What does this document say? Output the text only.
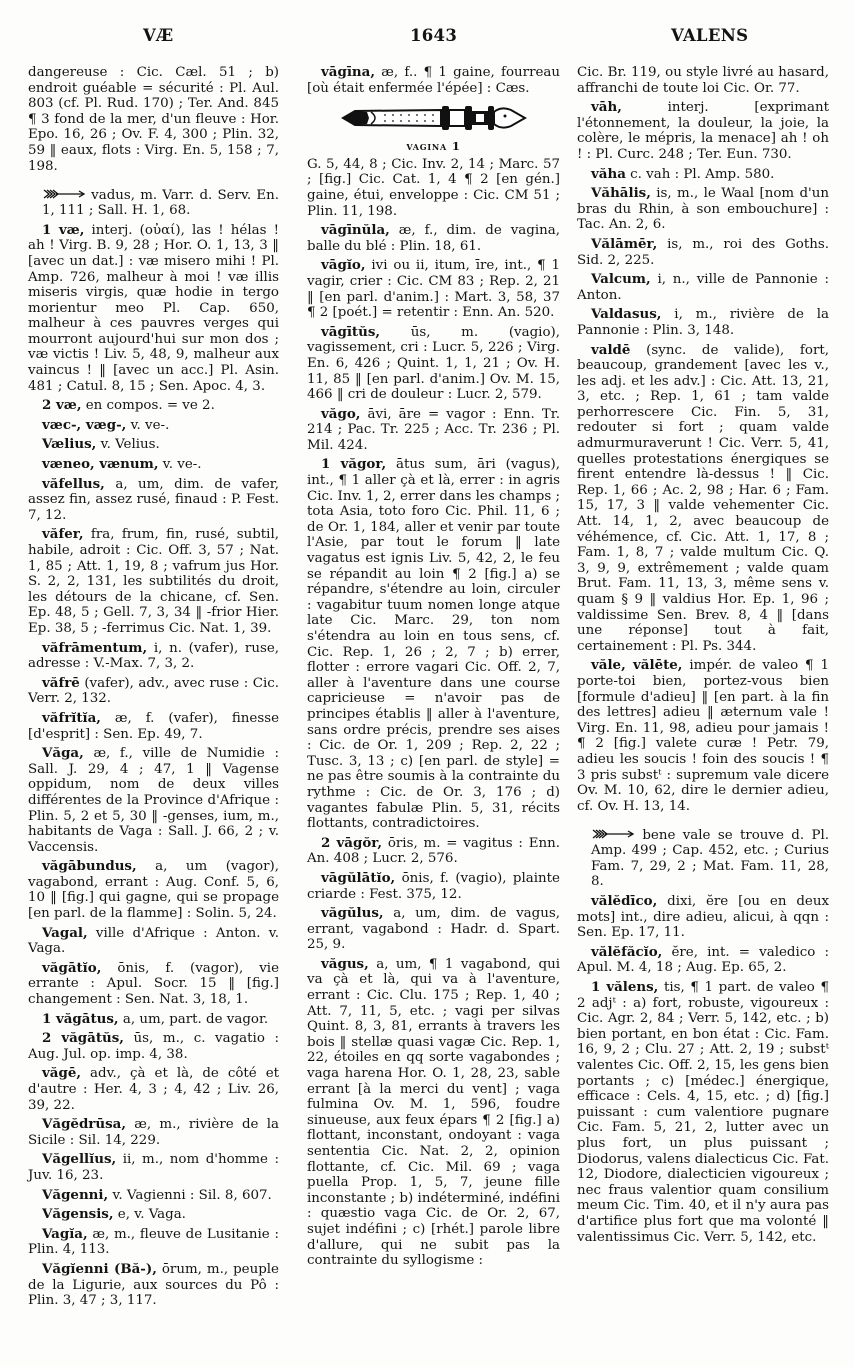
VÆ	1643	VALENS

dangereuse : Cic. Cæl. 51 ; b) endroit guéable = sécurité : Pl. Aul. 803 (cf. Pl. Rud. 170) ; Ter. And. 845 ¶ 3 fond de la mer, d'un fleuve : Hor. Epo. 16, 26 ; Ov. F. 4, 300 ; Plin. 32, 59 ‖ eaux, flots : Virg. En. 5, 158 ; 7, 198.

vadus, m. Varr. d. Serv. En. 1, 111 ; Sall. H. 1, 68.

1 væ, interj. (οὐαί), las ! hélas ! ah ! Virg. B. 9, 28 ; Hor. O. 1, 13, 3 ‖ [avec un dat.] : væ misero mihi ! Pl. Amp. 726, malheur à moi ! væ illis miseris virgis, quæ hodie in tergo morientur meo Pl. Cap. 650, malheur à ces pauvres verges qui mourront aujourd'hui sur mon dos ; væ victis ! Liv. 5, 48, 9, malheur aux vaincus ! ‖ [avec un acc.] Pl. Asin. 481 ; Catul. 8, 15 ; Sen. Apoc. 4, 3.

2 væ, en compos. = ve 2.

væc-, væg-, v. ve-.

Vælius, v. Velius.

væneo, vænum, v. ve-.

văfellus, a, um, dim. de vafer, assez fin, assez rusé, finaud : P. Fest. 7, 12.

văfer, fra, frum, fin, rusé, subtil, habile, adroit : Cic. Off. 3, 57 ; Nat. 1, 85 ; Att. 1, 19, 8 ; vafrum jus Hor. S. 2, 2, 131, les subtilités du droit, les détours de la chicane, cf. Sen. Ep. 48, 5 ; Gell. 7, 3, 34 ‖ -frior Hier. Ep. 38, 5 ; -ferrimus Cic. Nat. 1, 39.

văfrāmentum, i, n. (vafer), ruse, adresse : V.-Max. 7, 3, 2.

văfrē (vafer), adv., avec ruse : Cic. Verr. 2, 132.

văfrĭtĭa, æ, f. (vafer), finesse [d'esprit] : Sen. Ep. 49, 7.

Văga, æ, f., ville de Numidie : Sall. J. 29, 4 ; 47, 1 ‖ Vagense oppidum, nom de deux villes différentes de la Province d'Afrique : Plin. 5, 2 et 5, 30 ‖ -genses, ium, m., habitants de Vaga : Sall. J. 66, 2 ; v. Vaccensis.

văgābundus, a, um (vagor), vagabond, errant : Aug. Conf. 5, 6, 10 ‖ [fig.] qui gagne, qui se propage [en parl. de la flamme] : Solin. 5, 24.

Vagal, ville d'Afrique : Anton. v. Vaga.

văgātĭo, ōnis, f. (vagor), vie errante : Apul. Socr. 15 ‖ [fig.] changement : Sen. Nat. 3, 18, 1.

1 văgātus, a, um, part. de vagor.

2 văgātŭs, ūs, m., c. vagatio : Aug. Jul. op. imp. 4, 38.

văgē, adv., çà et là, de côté et d'autre : Her. 4, 3 ; 4, 42 ; Liv. 26, 39, 22.

Văgĕdrūsa, æ, m., rivière de la Sicile : Sil. 14, 229.

Văgellĭus, ii, m., nom d'homme : Juv. 16, 23.

Văgenni, v. Vagienni : Sil. 8, 607.

Văgensis, e, v. Vaga.

Vagĭa, æ, m., fleuve de Lusitanie : Plin. 4, 113.

Văgĭenni (Bă-), ōrum, m., peuple de la Ligurie, aux sources du Pô : Plin. 3, 47 ; 3, 117.

vāgīna, æ, f.. ¶ 1 gaine, fourreau [où était enfermée l'épée] : Cæs.

vagina 1

G. 5, 44, 8 ; Cic. Inv. 2, 14 ; Marc. 57 ; [fig.] Cic. Cat. 1, 4 ¶ 2 [en gén.] gaine, étui, enveloppe : Cic. CM 51 ; Plin. 11, 198.

vāgīnŭla, æ, f., dim. de vagina, balle du blé : Plin. 18, 61.

vāgĭo, ivi ou ii, itum, īre, int., ¶ 1 vagir, crier : Cic. CM 83 ; Rep. 2, 21 ‖ [en parl. d'anim.] : Mart. 3, 58, 37 ¶ 2 [poét.] = retentir : Enn. An. 520.

vāgītŭs, ūs, m. (vagio), vagissement, cri : Lucr. 5, 226 ; Virg. En. 6, 426 ; Quint. 1, 1, 21 ; Ov. H. 11, 85 ‖ [en parl. d'anim.] Ov. M. 15, 466 ‖ cri de douleur : Lucr. 2, 579.

văgo, āvi, āre = vagor : Enn. Tr. 214 ; Pac. Tr. 225 ; Acc. Tr. 236 ; Pl. Mil. 424.

1 văgor, ātus sum, āri (vagus), int., ¶ 1 aller çà et là, errer : in agris Cic. Inv. 1, 2, errer dans les champs ; tota Asia, toto foro Cic. Phil. 11, 6 ; de Or. 1, 184, aller et venir par toute l'Asie, par tout le forum ‖ late vagatus est ignis Liv. 5, 42, 2, le feu se répandit au loin ¶ 2 [fig.] a) se répandre, s'étendre au loin, circuler : vagabitur tuum nomen longe atque late Cic. Marc. 29, ton nom s'étendra au loin en tous sens, cf. Cic. Rep. 1, 26 ; 2, 7 ; b) errer, flotter : errore vagari Cic. Off. 2, 7, aller à l'aventure dans une course capricieuse = n'avoir pas de principes établis ‖ aller à l'aventure, sans ordre précis, prendre ses aises : Cic. de Or. 1, 209 ; Rep. 2, 22 ; Tusc. 3, 13 ; c) [en parl. de style] = ne pas être soumis à la contrainte du rythme : Cic. de Or. 3, 176 ; d) vagantes fabulæ Plin. 5, 31, récits flottants, contradictoires.

2 vāgŏr, ōris, m. = vagitus : Enn. An. 408 ; Lucr. 2, 576.

vāgŭlātĭo, ōnis, f. (vagio), plainte criarde : Fest. 375, 12.

văgŭlus, a, um, dim. de vagus, errant, vagabond : Hadr. d. Spart. 25, 9.

văgus, a, um, ¶ 1 vagabond, qui va çà et là, qui va à l'aventure, errant : Cic. Clu. 175 ; Rep. 1, 40 ; Att. 7, 11, 5, etc. ; vagi per silvas Quint. 8, 3, 81, errants à travers les bois ‖ stellæ quasi vagæ Cic. Rep. 1, 22, étoiles en qq sorte vagabondes ; vaga harena Hor. O. 1, 28, 23, sable errant [à la merci du vent] ; vaga fulmina Ov. M. 1, 596, foudre sinueuse, aux feux épars ¶ 2 [fig.] a) flottant, inconstant, ondoyant : vaga sententia Cic. Nat. 2, 2, opinion flottante, cf. Cic. Mil. 69 ; vaga puella Prop. 1, 5, 7, jeune fille inconstante ; b) indéterminé, indéfini : quæstio vaga Cic. de Or. 2, 67, sujet indéfini ; c) [rhét.] parole libre d'allure, qui ne subit pas la contrainte du syllogisme :

Cic. Br. 119, ou style livré au hasard, affranchi de toute loi Cic. Or. 77.

vāh,	interj. [exprimant l'étonnement, la douleur, la joie, la colère, le mépris, la menace] ah ! oh ! : Pl. Curc. 248 ; Ter. Eun. 730.

văha c. vah : Pl. Amp. 580.

Văhālis, is, m., le Waal [nom d'un bras du Rhin, à son embouchure] : Tac. An. 2, 6.

Vălāmēr, is, m., roi des Goths. Sid. 2, 225.

Valcum, i, n., ville de Pannonie : Anton.

Valdasus, i, m., rivière de la Pannonie : Plin. 3, 148.

valdē (sync. de valide), fort, beaucoup, grandement [avec les v., les adj. et les adv.] : Cic. Att. 13, 21, 3, etc. ; Rep. 1, 61 ; tam valde perhorrescere Cic. Fin. 5, 31, redouter si fort ; quam valde admurmuraverunt ! Cic. Verr. 5, 41, quelles protestations énergiques se firent entendre là-dessus ! ‖ Cic. Rep. 1, 66 ; Ac. 2, 98 ; Har. 6 ; Fam. 15, 17, 3 ‖ valde vehementer Cic. Att. 14, 1, 2, avec beaucoup de véhémence, cf. Cic. Att. 1, 17, 8 ; Fam. 1, 8, 7 ; valde multum Cic. Q. 3, 9, 9, extrêmement ; valde quam Brut. Fam. 11, 13, 3, même sens v. quam § 9 ‖ valdius Hor. Ep. 1, 96 ; valdissime Sen. Brev. 8, 4 ‖ [dans une réponse] tout à fait, certainement : Pl. Ps. 344.

văle, vălēte, impér. de valeo ¶ 1 porte-toi bien, portez-vous bien [formule d'adieu] ‖ [en part. à la fin des lettres] adieu ‖ æternum vale ! Virg. En. 11, 98, adieu pour jamais ! ¶ 2 [fig.] valete curæ ! Petr. 79, adieu les soucis ! foin des soucis ! ¶ 3 pris substᵗ : supremum vale dicere Ov. M. 10, 62, dire le dernier adieu, cf. Ov. H. 13, 14.

bene vale se trouve d. Pl. Amp. 499 ; Cap. 452, etc. ; Curius Fam. 7, 29, 2 ; Mat. Fam. 11, 28, 8.

vălĕdīco, dixi, ĕre [ou en deux mots] int., dire adieu, alicui, à qqn : Sen. Ep. 17, 11.

vălĕfăcĭo, ĕre, int. = valedico : Apul. M. 4, 18 ; Aug. Ep. 65, 2.

1 vălens, tis, ¶ 1 part. de valeo ¶ 2 adjᵗ : a) fort, robuste, vigoureux : Cic. Agr. 2, 84 ; Verr. 5, 142, etc. ; b) bien portant, en bon état : Cic. Fam. 16, 9, 2 ; Clu. 27 ; Att. 2, 19 ; substᵗ valentes Cic. Off. 2, 15, les gens bien portants ; c) [médec.] énergique, efficace : Cels. 4, 15, etc. ; d) [fig.] puissant : cum valentiore pugnare Cic. Fam. 5, 21, 2, lutter avec un plus fort, un plus puissant ; Diodorus, valens dialecticus Cic. Fat. 12, Diodore, dialecticien vigoureux ; nec fraus valentior quam consilium meum Cic. Tim. 40, et il n'y aura pas d'artifice plus fort que ma volonté ‖ valentissimus Cic. Verr. 5, 142, etc.
